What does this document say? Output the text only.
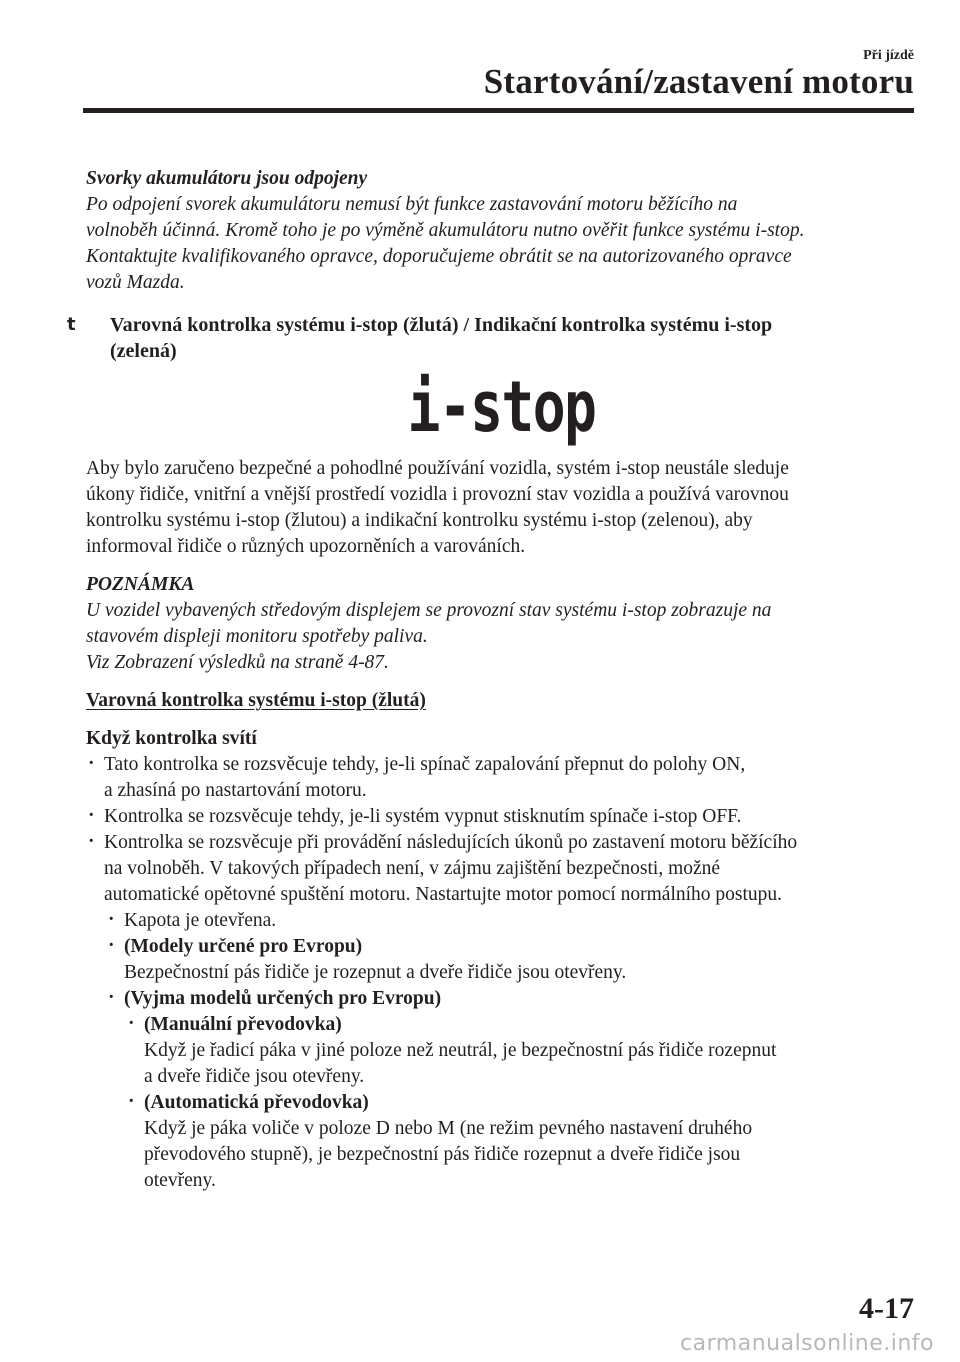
Při jízdě
Startování/zastavení motoru

Svorky akumulátoru jsou odpojeny

Po odpojení svorek akumulátoru nemusí být funkce zastavování motoru běžícího na

volnoběh účinná. Kromě toho je po výměně akumulátoru nutno ověřit funkce systému i-stop.

Kontaktujte kvalifikovaného opravce, doporučujeme obrátit se na autorizovaného opravce

vozů Mazda.

t Varovná kontrolka systému i-stop (žlutá) / Indikační kontrolka systému i-stop
(zelená)
i-stop

Aby bylo zaručeno bezpečné a pohodlné používání vozidla, systém i-stop neustále sleduje

úkony řidiče, vnitřní a vnější prostředí vozidla i provozní stav vozidla a používá varovnou

kontrolku systému i-stop (žlutou) a indikační kontrolku systému i-stop (zelenou), aby

informoval řidiče o různých upozorněních a varováních.

POZNÁMKA

U vozidel vybavených středovým displejem se provozní stav systému i-stop zobrazuje na

stavovém displeji monitoru spotřeby paliva.

Viz Zobrazení výsledků na straně 4-87.

Varovná kontrolka systému i-stop (žlutá)

Když kontrolka svítí

· Tato kontrolka se rozsvěcuje tehdy, je-li spínač zapalování přepnut do polohy ON,
a zhasíná po nastartování motoru.
· Kontrolka se rozsvěcuje tehdy, je-li systém vypnut stisknutím spínače i-stop OFF.
· Kontrolka se rozsvěcuje při provádění následujících úkonů po zastavení motoru běžícího
na volnoběh. V takových případech není, v zájmu zajištění bezpečnosti, možné
automatické opětovné spuštění motoru. Nastartujte motor pomocí normálního postupu.
· Kapota je otevřena.
· (Modely určené pro Evropu)
Bezpečnostní pás řidiče je rozepnut a dveře řidiče jsou otevřeny.
· (Vyjma modelů určených pro Evropu)
· (Manuální převodovka)
Když je řadicí páka v jiné poloze než neutrál, je bezpečnostní pás řidiče rozepnut
a dveře řidiče jsou otevřeny.
· (Automatická převodovka)
Když je páka voliče v poloze D nebo M (ne režim pevného nastavení druhého
převodového stupně), je bezpečnostní pás řidiče rozepnut a dveře řidiče jsou
otevřeny.
4-17
carmanualsonline.info
